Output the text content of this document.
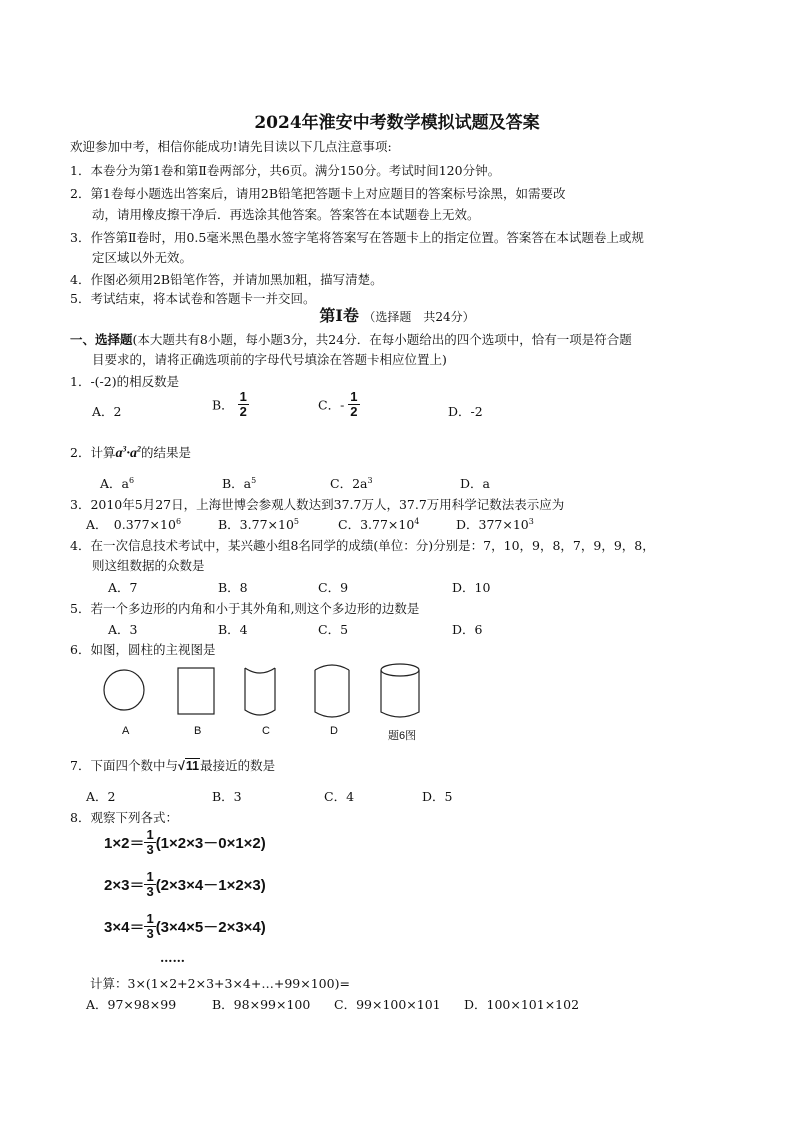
2024年淮安中考数学模拟试题及答案
欢迎参加中考，相信你能成功!请先目读以下几点注意事项:
1．本卷分为第1卷和第Ⅱ卷两部分，共6页。满分150分。考试时间120分钟。
2．第1卷每小题选出答案后，请用2B铅笔把答题卡上对应题目的答案标号涂黑，如需要改
动，请用橡皮擦干净后．再选涂其他答案。答案答在本试题卷上无效。
3．作答第Ⅱ卷时，用0.5毫米黑色墨水签字笔将答案写在答题卡上的指定位置。答案答在本试题卷上或规
定区域以外无效。
4．作图必须用2B铅笔作答，并请加黑加粗，描写清楚。
5．考试结束，将本试卷和答题卡一并交回。
第Ⅰ卷 （选择题　共24分）
一、选择题(本大题共有8小题，每小题3分，共24分．在每小题给出的四个选项中，恰有一项是符合题
目要求的，请将正确选项前的字母代号填涂在答题卡相应位置上)
1．-(-2)的相反数是
A．2	B． $\frac{1}{2}$	C．- $\frac{1}{2}$	D．-2
2．计算$a^3\cdot a^2$的结果是
A．$a^6$	B．$a^5$	C．$2a^3$	D．a
3．2010年5月27日，上海世博会参观人数达到37.7万人，37.7万用科学记数法表示应为
A．　$0.377\times 10^6$	B．$3.77\times 10^5$	C．$3.77\times 10^4$	D．$377\times 10^3$
4．在一次信息技术考试中，某兴趣小组8名同学的成绩(单位：分)分别是：7，10，9，8，7，9，9，8，
则这组数据的众数是
A．7	B．8	C．9	D．10
5．若一个多边形的内角和小于其外角和,则这个多边形的边数是
A．3	B．4	C．5	D．6
6．如图，圆柱的主视图是
A	B	C	D	题6图
7．下面四个数中与√11最接近的数是
A．2	B．3	C．4	D．5
8．观察下列各式：
$1\times 2= \frac{1}{3} (1\times 2\times 3-0\times 1\times 2)$
$2\times 3= \frac{1}{3} (2\times 3\times 4-1\times 2\times 3)$
$3\times 4= \frac{1}{3} (3\times 4\times 5-2\times 3\times 4)$
……
计算：3×(1×2+2×3+3×4+…+99×100)=
A．97×98×99	B．98×99×100 C．99×100×101 D．100×101×102
